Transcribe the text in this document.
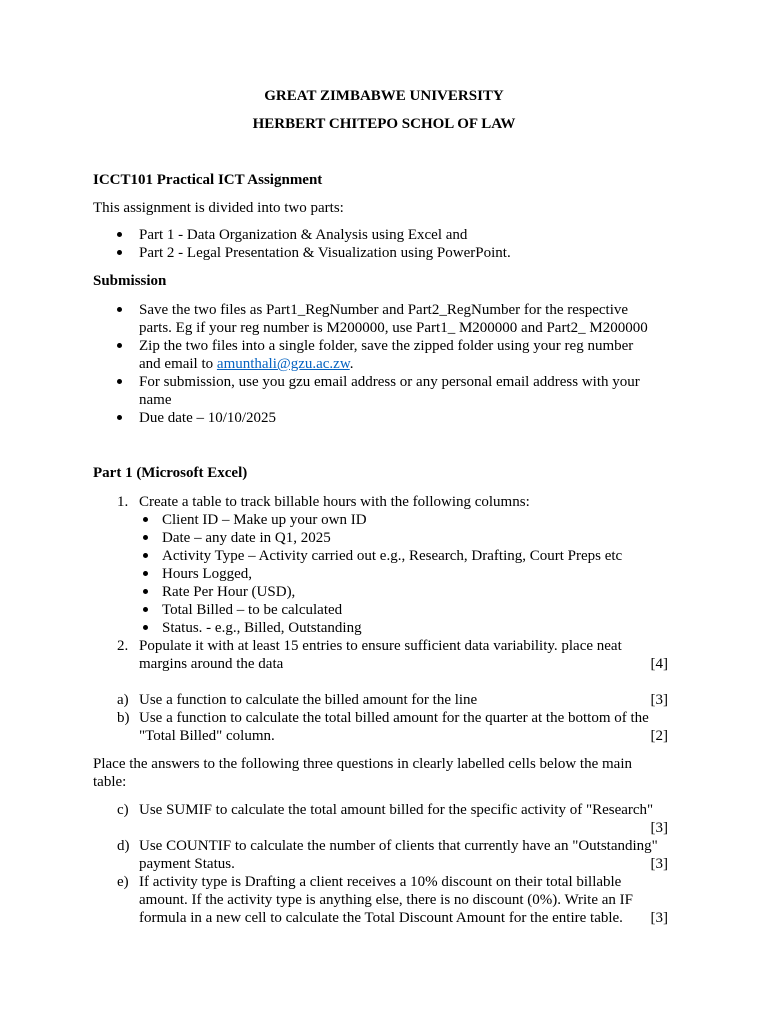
GREAT ZIMBABWE UNIVERSITY
HERBERT CHITEPO SCHOL OF LAW
ICCT101 Practical ICT Assignment
This assignment is divided into two parts:
Part 1 - Data Organization & Analysis using Excel and
Part 2 - Legal Presentation & Visualization using PowerPoint.
Submission
Save the two files as Part1_RegNumber and Part2_RegNumber for the respective
parts. Eg if your reg number is M200000, use Part1_ M200000 and Part2_ M200000
Zip the two files into a single folder, save the zipped folder using your reg number
and email to amunthali@gzu.ac.zw.
For submission, use you gzu email address or any personal email address with your
name
Due date – 10/10/2025
Part 1 (Microsoft Excel)
1. Create a table to track billable hours with the following columns:
Client ID – Make up your own ID
Date – any date in Q1, 2025
Activity Type – Activity carried out e.g., Research, Drafting, Court Preps etc
Hours Logged,
Rate Per Hour (USD),
Total Billed – to be calculated
Status. - e.g., Billed, Outstanding
2. Populate it with at least 15 entries to ensure sufficient data variability. place neat
margins around the data	[4]
a) Use a function to calculate the billed amount for the line	[3]
b) Use a function to calculate the total billed amount for the quarter at the bottom of the
"Total Billed" column.	[2]
Place the answers to the following three questions in clearly labelled cells below the main
table:
c) Use SUMIF to calculate the total amount billed for the specific activity of "Research"
[3]
d) Use COUNTIF to calculate the number of clients that currently have an "Outstanding"
payment Status.	[3]
e) If activity type is Drafting a client receives a 10% discount on their total billable
amount. If the activity type is anything else, there is no discount (0%). Write an IF
formula in a new cell to calculate the Total Discount Amount for the entire table.	[3]
